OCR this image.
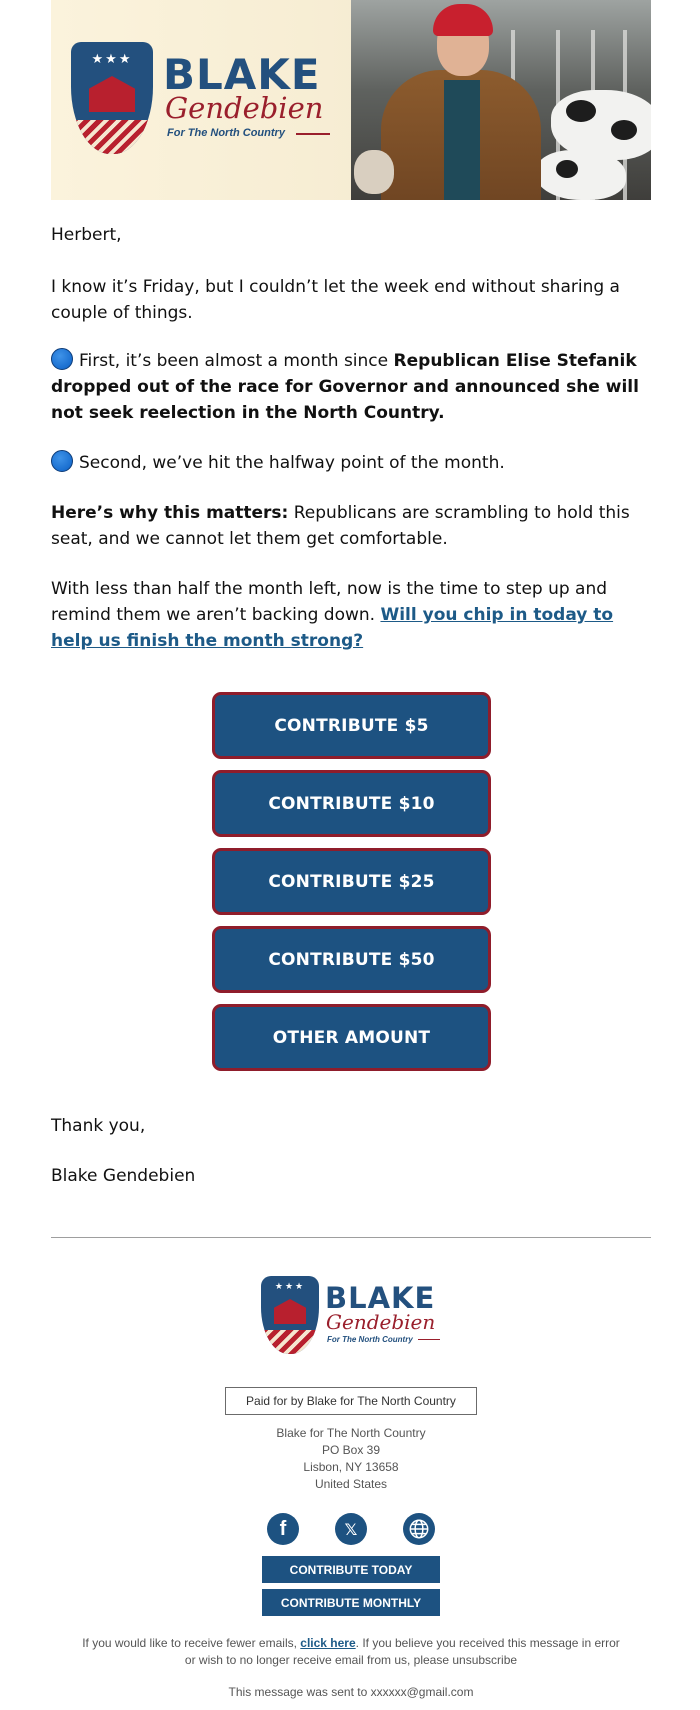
★★★ BLAKE
Gendebien
For The North Country
Herbert,
I know it’s Friday, but I couldn’t let the week end without sharing a couple of things.
First, it’s been almost a month since Republican Elise Stefanik dropped out of the race for Governor and announced she will not seek reelection in the North Country.
Second, we’ve hit the halfway point of the month.
Here’s why this matters: Republicans are scrambling to hold this seat, and we cannot let them get comfortable.
With less than half the month left, now is the time to step up and remind them we aren’t backing down. Will you chip in today to help us finish the month strong?
CONTRIBUTE $5
CONTRIBUTE $10
CONTRIBUTE $25
CONTRIBUTE $50
OTHER AMOUNT
Thank you,
Blake Gendebien
★★★ BLAKE
Gendebien
For The North Country
Paid for by Blake for The North Country
Blake for The North Country
PO Box 39
Lisbon, NY 13658
United States
f	𝕏
CONTRIBUTE TODAY
CONTRIBUTE MONTHLY
If you would like to receive fewer emails, click here. If you believe you received this message in error or wish to no longer receive email from us, please unsubscribe
This message was sent to xxxxxx@gmail.com
